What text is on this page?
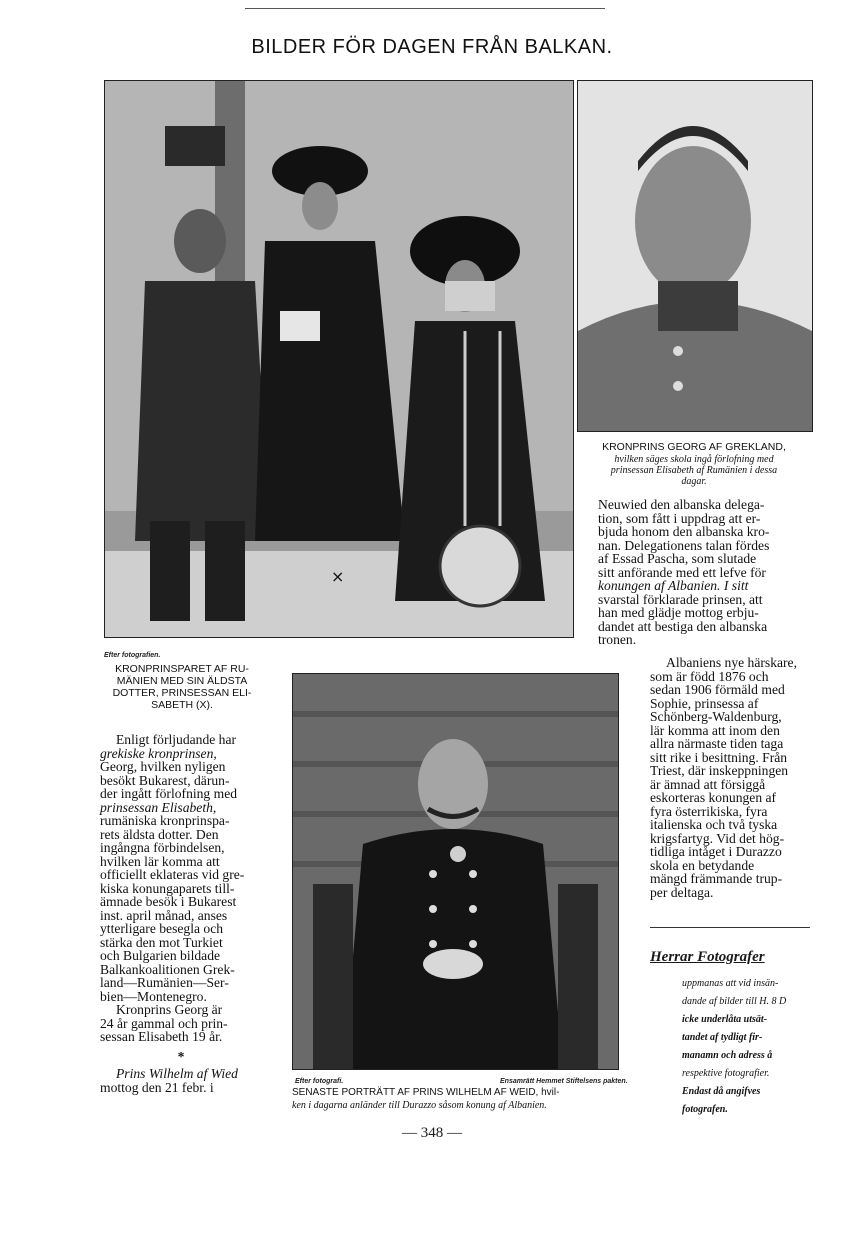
BILDER FÖR DAGEN FRÅN BALKAN.
×
KRONPRINS GEORG AF GREKLAND,
hvilken säges skola ingå förlofning med
prinsessan Elisabeth af Rumänien i dessa
dagar.
Efter fotografien.
KRONPRINSPARET AF RU-
MÄNIEN MED SIN ÄLDSTA
DOTTER, PRINSESSAN ELI-
SABETH (X).

Enligt förljudande har

grekiske kronprinsen,

Georg, hvilken nyligen

besökt Bukarest, därun-

der ingått förlofning med

prinsessan Elisabeth,

rumäniska kronprinspa-

rets äldsta dotter. Den

ingångna förbindelsen,

hvilken lär komma att

officiellt eklateras vid gre-

kiska konungaparets till-

ämnade besök i Bukarest

inst. april månad, anses

ytterligare besegla och

stärka den mot Turkiet

och Bulgarien bildade

Balkankoalitionen Grek-

land—Rumänien—Ser-

bien—Montenegro.

Kronprins Georg är

24 år gammal och prin-

sessan Elisabeth 19 år.

*

Prins Wilhelm af Wied

mottog den 21 febr. i

Neuwied den albanska delega-

tion, som fått i uppdrag att er-

bjuda honom den albanska kro-

nan. Delegationens talan fördes

af Essad Pascha, som slutade

sitt anförande med ett lefve för

konungen af Albanien. I sitt

svarstal förklarade prinsen, att

han med glädje mottog erbju-

dandet att bestiga den albanska

tronen.

Efter fotografi.	Ensamrätt Hemmet Stiftelsens pakten.
SENASTE PORTRÄTT AF PRINS WILHELM AF WEID, hvil-
ken i dagarna anländer till Durazzo såsom konung af Albanien.

Albaniens nye härskare,

som är född 1876 och

sedan 1906 förmäld med

Sophie, prinsessa af

Schönberg-Waldenburg,

lär komma att inom den

allra närmaste tiden taga

sitt rike i besittning. Från

Triest, där inskeppningen

är ämnad att försiggå

eskorteras konungen af

fyra österrikiska, fyra

italienska och två tyska

krigsfartyg. Vid det hög-

tidliga intåget i Durazzo

skola en betydande

mängd främmande trup-

per deltaga.

Herrar Fotografer
uppmanas att vid insän-
dande af bilder till H. 8 D
icke underlåta utsät-
tandet af tydligt fir-
manamn och adress å
respektive fotografier.
Endast då angifves
fotografen.
— 348 —
